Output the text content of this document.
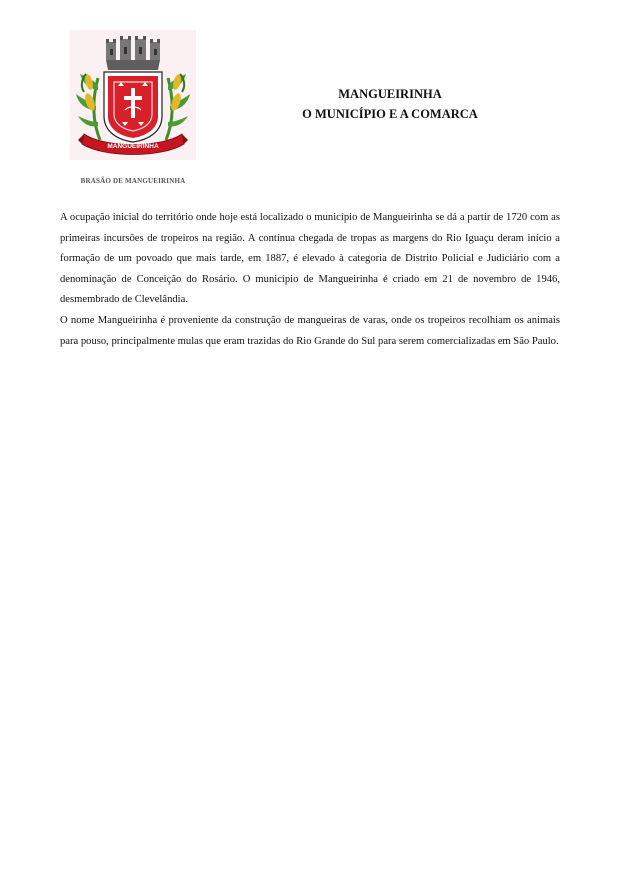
MANGUEIRINHA
BRASÃO DE MANGUEIRINHA
MANGUEIRINHA
O MUNICÍPIO E A COMARCA

A ocupação inicial do território onde hoje está localizado o município de Mangueirinha se dá a partir de 1720 com as primeiras incursões de tropeiros na região. A contínua chegada de tropas as margens do Rio Iguaçu deram início a formação de um povoado que mais tarde, em 1887, é elevado à categoria de Distrito Policial e Judiciário com a denominação de Conceição do Rosário. O município de Mangueirinha é criado em 21 de novembro de 1946, desmembrado de Clevelândia.

O nome Mangueirinha é proveniente da construção de mangueiras de varas, onde os tropeiros recolhiam os animais para pouso, principalmente mulas que eram trazidas do Rio Grande do Sul para serem comercializadas em São Paulo.
